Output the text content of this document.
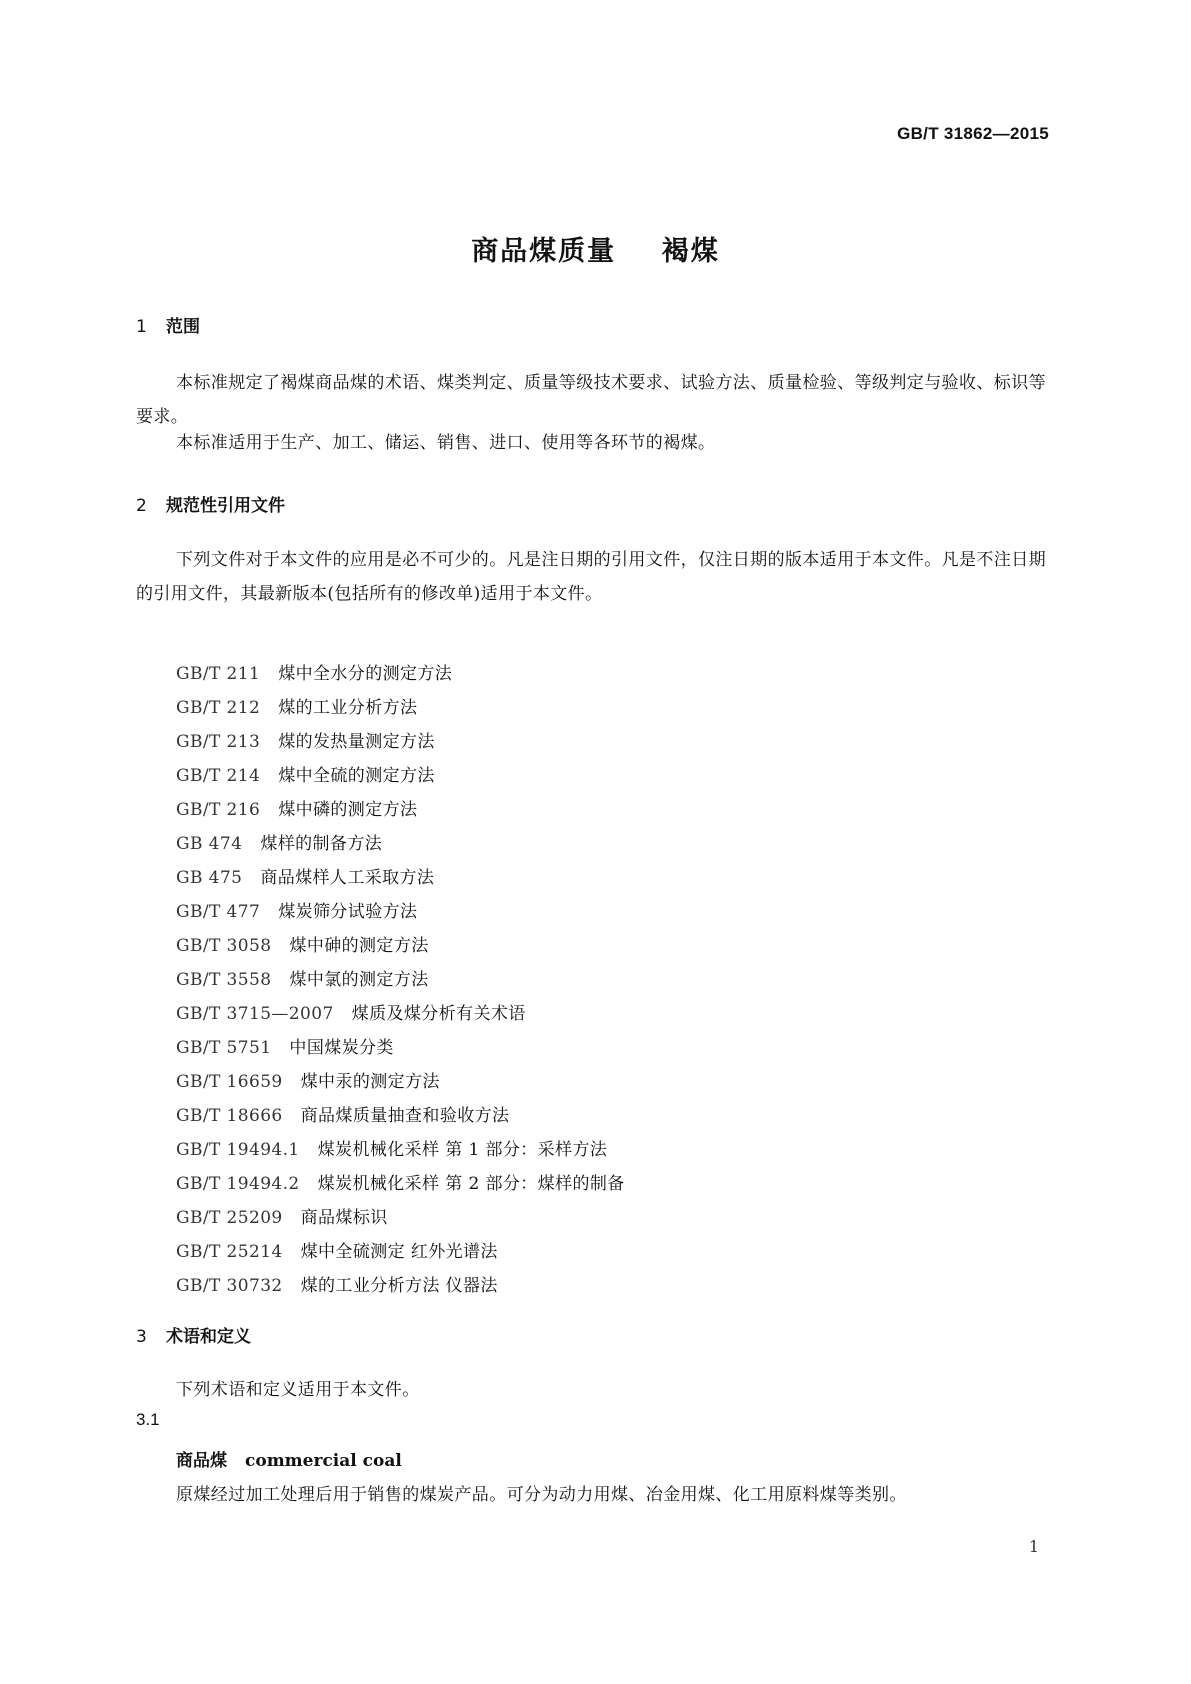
GB/T 31862—2015
商品煤质量    褐煤
1 范围

本标准规定了褐煤商品煤的术语、煤类判定、质量等级技术要求、试验方法、质量检验、等级判定与验收、标识等要求。

本标准适用于生产、加工、储运、销售、进口、使用等各环节的褐煤。

2 规范性引用文件

下列文件对于本文件的应用是必不可少的。凡是注日期的引用文件，仅注日期的版本适用于本文件。凡是不注日期的引用文件，其最新版本(包括所有的修改单)适用于本文件。

GB/T 211 煤中全水分的测定方法
GB/T 212 煤的工业分析方法
GB/T 213 煤的发热量测定方法
GB/T 214 煤中全硫的测定方法
GB/T 216 煤中磷的测定方法
GB 474 煤样的制备方法
GB 475 商品煤样人工采取方法
GB/T 477 煤炭筛分试验方法
GB/T 3058 煤中砷的测定方法
GB/T 3558 煤中氯的测定方法
GB/T 3715—2007 煤质及煤分析有关术语
GB/T 5751 中国煤炭分类
GB/T 16659 煤中汞的测定方法
GB/T 18666 商品煤质量抽查和验收方法
GB/T 19494.1 煤炭机械化采样 第 1 部分：采样方法
GB/T 19494.2 煤炭机械化采样 第 2 部分：煤样的制备
GB/T 25209 商品煤标识
GB/T 25214 煤中全硫测定 红外光谱法
GB/T 30732 煤的工业分析方法 仪器法
3 术语和定义

下列术语和定义适用于本文件。

3.1
商品煤 commercial coal

原煤经过加工处理后用于销售的煤炭产品。可分为动力用煤、冶金用煤、化工用原料煤等类别。

1
